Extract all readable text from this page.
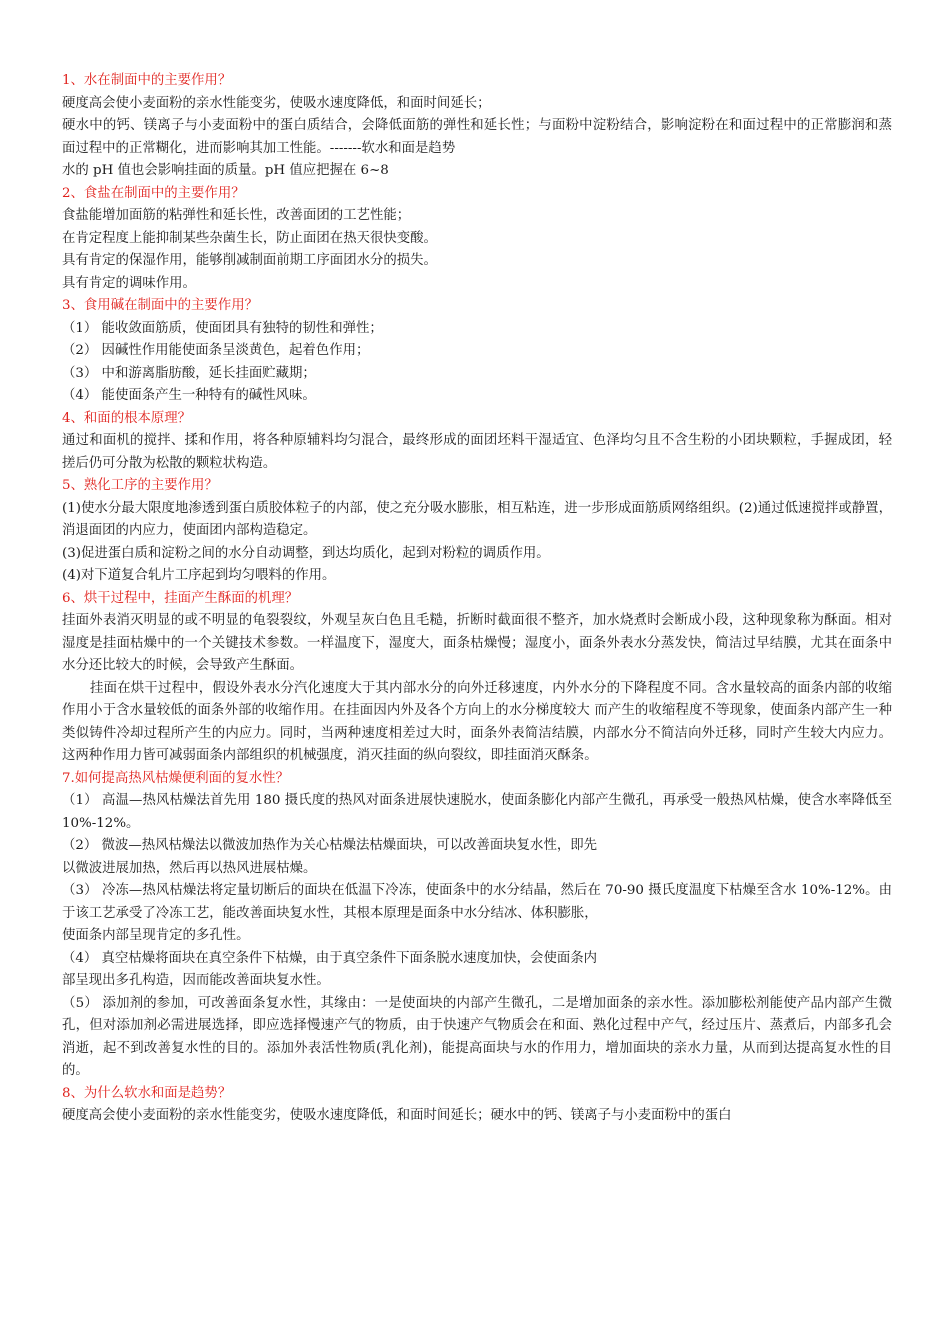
1、水在制面中的主要作用？

硬度高会使小麦面粉的亲水性能变劣，使吸水速度降低，和面时间延长；

硬水中的钙、镁离子与小麦面粉中的蛋白质结合，会降低面筋的弹性和延长性；与面粉中淀粉结合，影响淀粉在和面过程中的正常膨润和蒸面过程中的正常糊化，进而影响其加工性能。-------软水和面是趋势

水的 pH 值也会影响挂面的质量。pH 值应把握在 6~8

2、食盐在制面中的主要作用？

食盐能增加面筋的粘弹性和延长性，改善面团的工艺性能；

在肯定程度上能抑制某些杂菌生长，防止面团在热天很快变酸。

具有肯定的保湿作用，能够削减制面前期工序面团水分的损失。

具有肯定的调味作用。

3、食用碱在制面中的主要作用？

（1） 能收敛面筋质，使面团具有独特的韧性和弹性；

（2） 因碱性作用能使面条呈淡黄色，起着色作用；

（3） 中和游离脂肪酸，延长挂面贮藏期；

（4） 能使面条产生一种特有的碱性风味。

4、和面的根本原理？

通过和面机的搅拌、揉和作用，将各种原辅料均匀混合，最终形成的面团坯料干湿适宜、色泽均匀且不含生粉的小团块颗粒，手握成团，轻搓后仍可分散为松散的颗粒状构造。

5、熟化工序的主要作用？

(1)使水分最大限度地渗透到蛋白质胶体粒子的内部，使之充分吸水膨胀，相互粘连，进一步形成面筋质网络组织。(2)通过低速搅拌或静置，消退面团的内应力，使面团内部构造稳定。

(3)促进蛋白质和淀粉之间的水分自动调整，到达均质化，起到对粉粒的调质作用。

(4)对下道复合轧片工序起到均匀喂料的作用。

6、烘干过程中，挂面产生酥面的机理？

挂面外表消灭明显的或不明显的龟裂裂纹，外观呈灰白色且毛糙，折断时截面很不整齐，加水烧煮时会断成小段，这种现象称为酥面。相对湿度是挂面枯燥中的一个关键技术参数。一样温度下，湿度大，面条枯燥慢；湿度小，面条外表水分蒸发快，简洁过早结膜，尤其在面条中水分还比较大的时候，会导致产生酥面。

挂面在烘干过程中，假设外表水分汽化速度大于其内部水分的向外迁移速度，内外水分的下降程度不同。含水量较高的面条内部的收缩作用小于含水量较低的面条外部的收缩作用。在挂面因内外及各个方向上的水分梯度较大 而产生的收缩程度不等现象，使面条内部产生一种类似铸件冷却过程所产生的内应力。同时，当两种速度相差过大时，面条外表简洁结膜，内部水分不简洁向外迁移，同时产生较大内应力。这两种作用力皆可减弱面条内部组织的机械强度，消灭挂面的纵向裂纹，即挂面消灭酥条。

7.如何提高热风枯燥便利面的复水性？

（1） 高温—热风枯燥法首先用 180 摄氏度的热风对面条进展快速脱水，使面条膨化内部产生微孔，再承受一般热风枯燥，使含水率降低至 10%-12%。

（2） 微波—热风枯燥法以微波加热作为关心枯燥法枯燥面块，可以改善面块复水性，即先

以微波进展加热，然后再以热风进展枯燥。

（3） 冷冻—热风枯燥法将定量切断后的面块在低温下冷冻，使面条中的水分结晶，然后在 70-90 摄氏度温度下枯燥至含水 10%-12%。由于该工艺承受了冷冻工艺，能改善面块复水性，其根本原理是面条中水分结冰、体积膨胀，

使面条内部呈现肯定的多孔性。

（4） 真空枯燥将面块在真空条件下枯燥，由于真空条件下面条脱水速度加快，会使面条内

部呈现出多孔构造，因而能改善面块复水性。

（5） 添加剂的参加，可改善面条复水性，其缘由：一是使面块的内部产生微孔，二是增加面条的亲水性。添加膨松剂能使产品内部产生微孔，但对添加剂必需进展选择，即应选择慢速产气的物质，由于快速产气物质会在和面、熟化过程中产气，经过压片、蒸煮后，内部多孔会消逝，起不到改善复水性的目的。添加外表活性物质(乳化剂)，能提高面块与水的作用力，增加面块的亲水力量，从而到达提高复水性的目的。

8、为什么软水和面是趋势？

硬度高会使小麦面粉的亲水性能变劣，使吸水速度降低，和面时间延长；硬水中的钙、镁离子与小麦面粉中的蛋白
